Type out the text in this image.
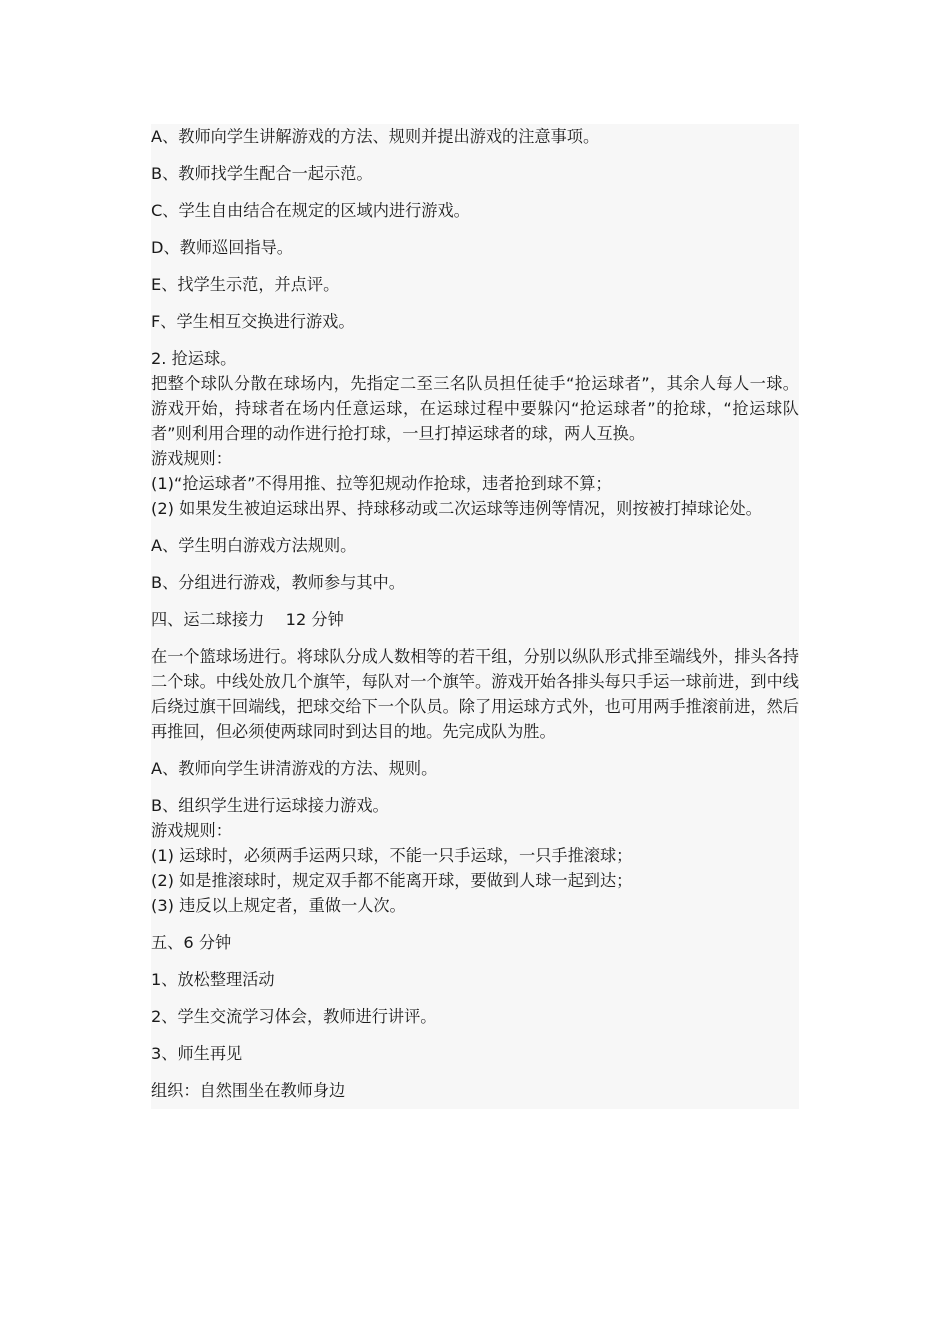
A、教师向学生讲解游戏的方法、规则并提出游戏的注意事项。

B、教师找学生配合一起示范。

C、学生自由结合在规定的区域内进行游戏。

D、教师巡回指导。

E、找学生示范，并点评。

F、学生相互交换进行游戏。

2. 抢运球。

把整个球队分散在球场内，先指定二至三名队员担任徒手“抢运球者”，其余人每人一球。游戏开始，持球者在场内任意运球，在运球过程中要躲闪“抢运球者”的抢球，“抢运球队者”则利用合理的动作进行抢打球，一旦打掉运球者的球，两人互换。

游戏规则：

(1)“抢运球者”不得用推、拉等犯规动作抢球，违者抢到球不算；

(2) 如果发生被迫运球出界、持球移动或二次运球等违例等情况，则按被打掉球论处。

A、学生明白游戏方法规则。

B、分组进行游戏，教师参与其中。

四、运二球接力　 12 分钟

在一个篮球场进行。将球队分成人数相等的若干组，分别以纵队形式排至端线外，排头各持二个球。中线处放几个旗竿，每队对一个旗竿。游戏开始各排头每只手运一球前进，到中线后绕过旗干回端线，把球交给下一个队员。除了用运球方式外，也可用两手推滚前进，然后再推回，但必须使两球同时到达目的地。先完成队为胜。

A、教师向学生讲清游戏的方法、规则。

B、组织学生进行运球接力游戏。

游戏规则：

(1) 运球时，必须两手运两只球，不能一只手运球，一只手推滚球；

(2) 如是推滚球时，规定双手都不能离开球，要做到人球一起到达；

(3) 违反以上规定者，重做一人次。

五、6 分钟

1、放松整理活动

2、学生交流学习体会，教师进行讲评。

3、师生再见

组织：自然围坐在教师身边
